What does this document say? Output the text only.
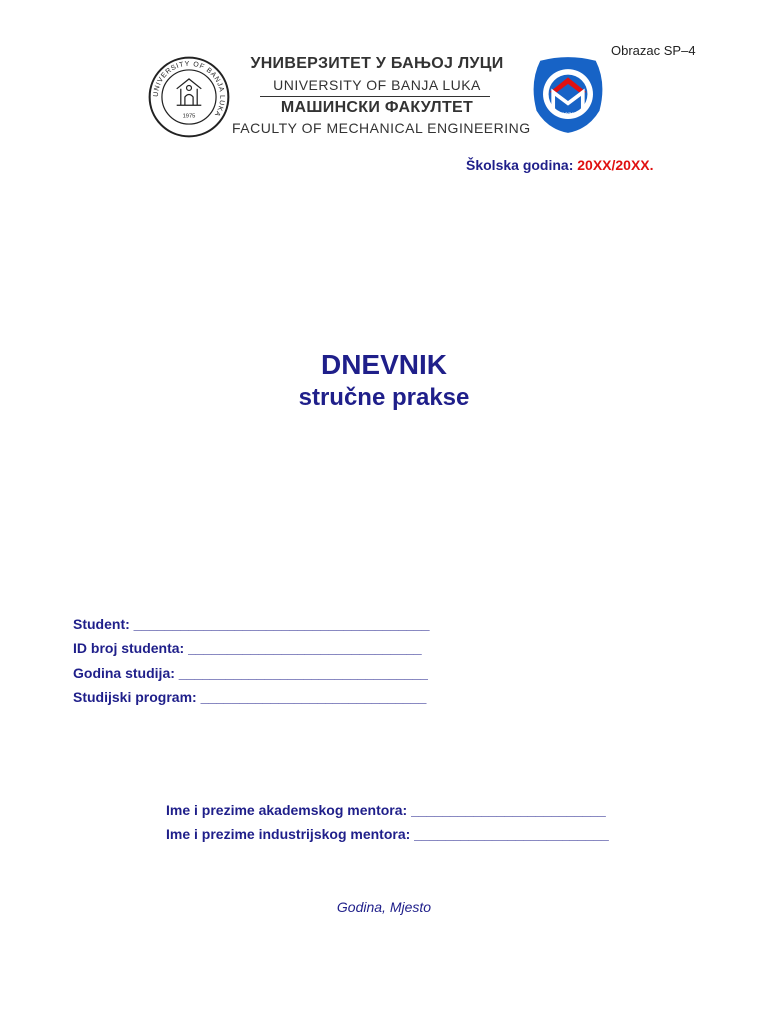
Obrazac SP–4
UNIVERSITY OF BANJA LUKA
1975
УНИВЕРЗИТЕТ У БАЊОЈ ЛУЦИ
UNIVERSITY OF BANJA LUKA
МАШИНСКИ ФАКУЛТЕТ
FACULTY OF MECHANICAL ENGINEERING
1971
Školska godina: 20XX/20XX.
DNEVNIK
stručne prakse
Student: ______________________________________
ID broj studenta: ______________________________
Godina studija: ________________________________
Studijski program: _____________________________
Ime i prezime akademskog mentora: _________________________
Ime i prezime industrijskog mentora: _________________________
Godina, Mjesto
